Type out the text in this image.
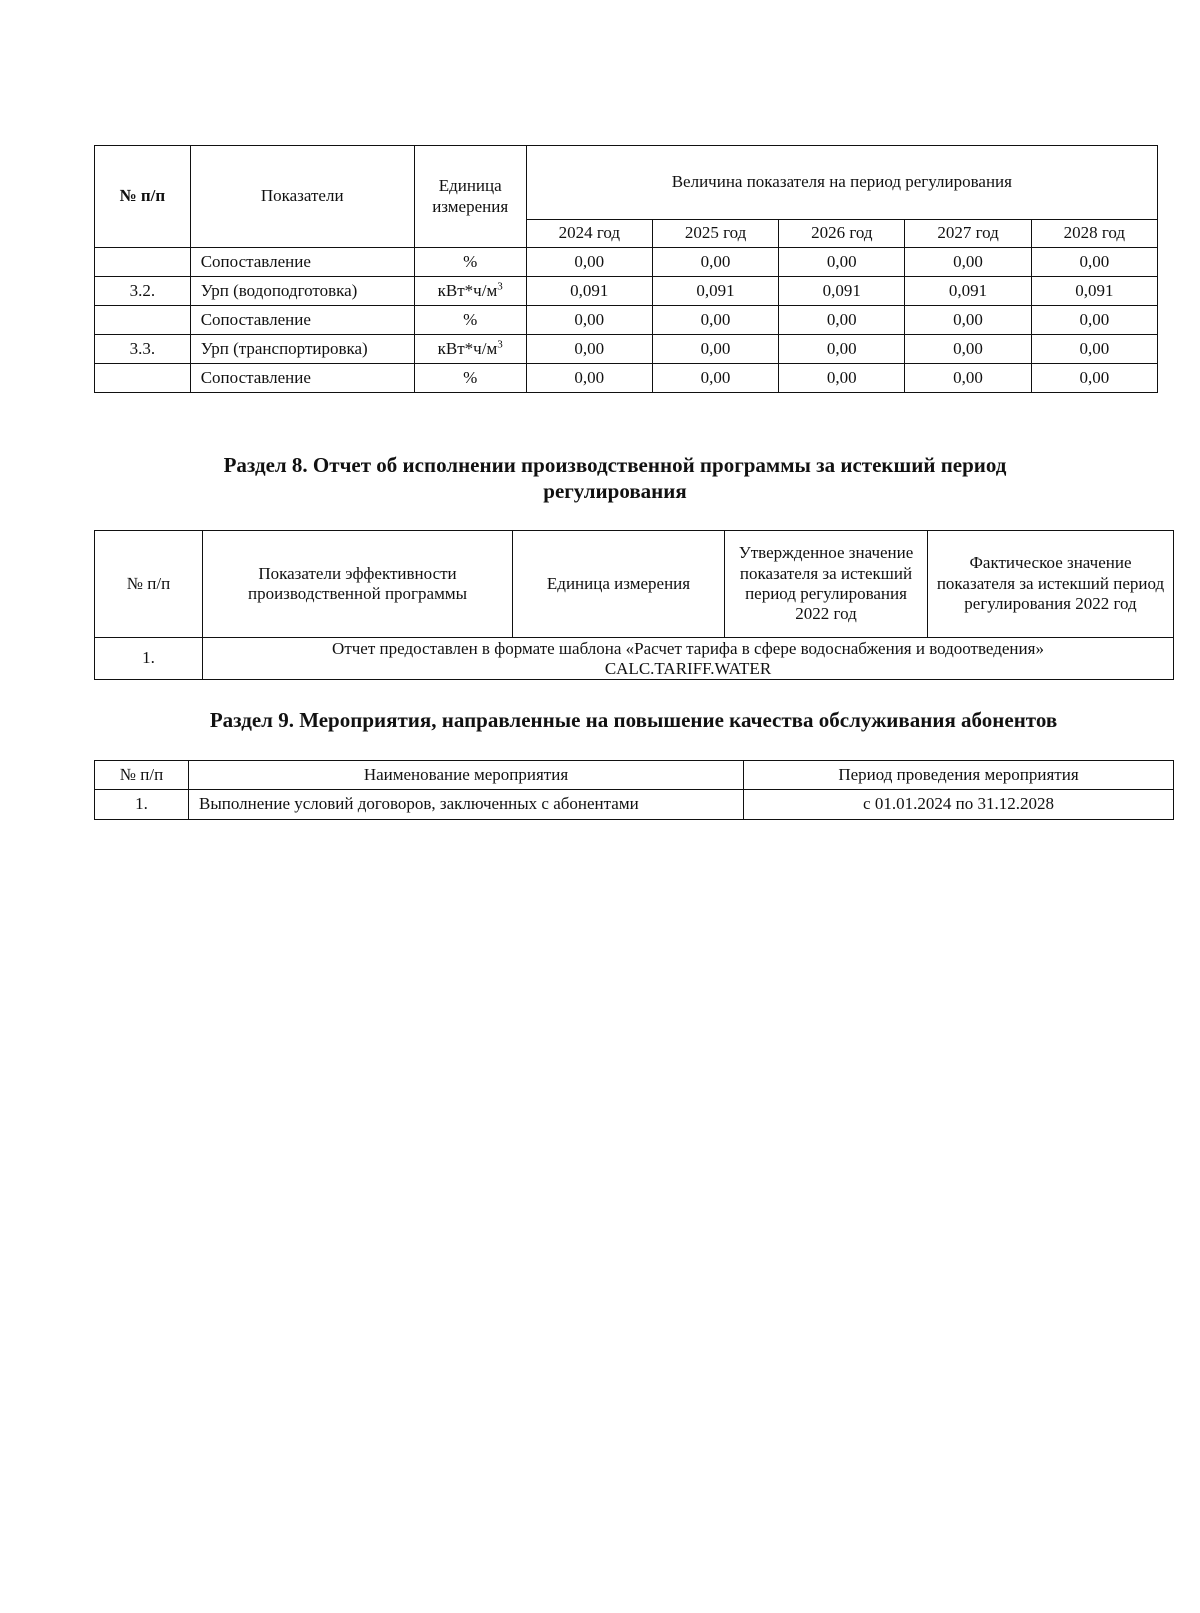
№ п/п	Показатели	Единица измерения	Величина показателя на период регулирования				
			2024 год	2025 год	2026 год	2027 год	2028 год
	Сопоставление	%	0,00	0,00	0,00	0,00	0,00
3.2.	Урп (водоподготовка)	$кВт*ч/м^3$	0,091	0,091	0,091	0,091	0,091
	Сопоставление	%	0,00	0,00	0,00	0,00	0,00
3.3.	Урп (транспортировка)	$кВт*ч/м^3$	0,00	0,00	0,00	0,00	0,00
	Сопоставление	%	0,00	0,00	0,00	0,00	0,00
Раздел 8. Отчет об исполнении производственной программы за истекший период
регулирования
№ п/п	Показатели эффективности производственной программы	Единица измерения	Утвержденное значение показателя за истекший период регулирования 2022 год	Фактическое значение показателя за истекший период регулирования 2022 год
1.	Отчет предоставлен в формате шаблона «Расчет тарифа в сфере водоснабжения и водоотведения»
CALC.TARIFF.WATER			
Раздел 9. Мероприятия, направленные на повышение качества обслуживания абонентов
№ п/п	Наименование мероприятия	Период проведения мероприятия
1.	Выполнение условий договоров, заключенных с абонентами	с 01.01.2024 по 31.12.2028
